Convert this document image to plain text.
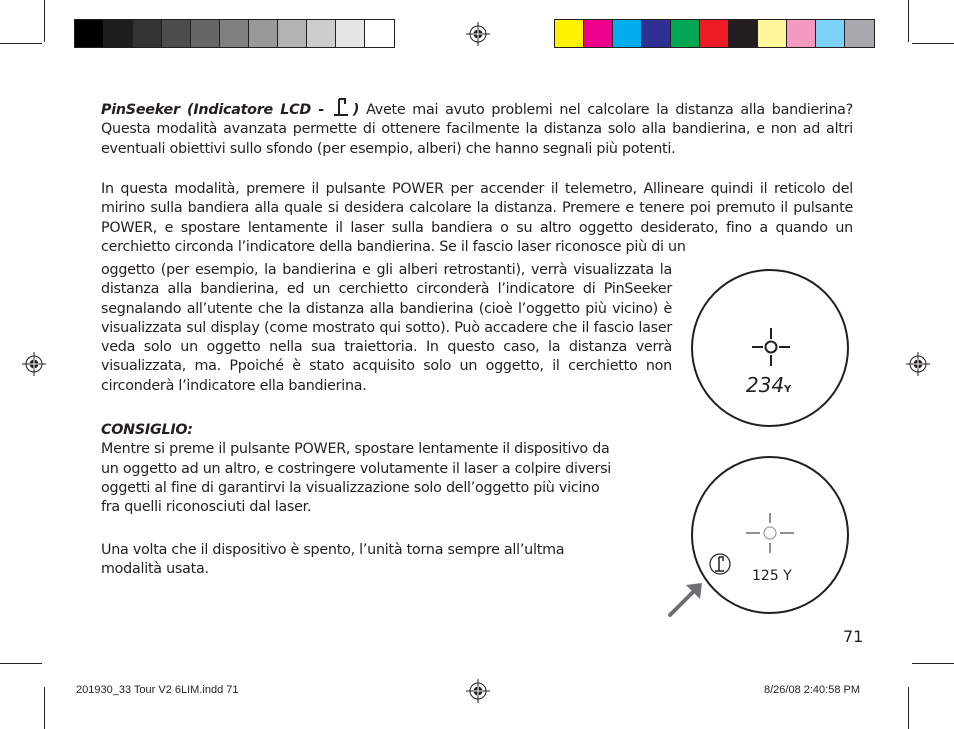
PinSeeker (Indicatore LCD - ) Avete mai avuto problemi nel calcolare la distanza alla bandierina? Questa modalità avanzata permette di ottenere facilmente la distanza solo alla bandierina, e non ad altri eventuali obiettivi sullo sfondo (per esempio, alberi) che hanno segnali più potenti.
In questa modalità, premere il pulsante POWER per accender il telemetro, Allineare quindi il reticolo del mirino sulla bandiera alla quale si desidera calcolare la distanza. Premere e tenere poi premuto il pulsante POWER, e spostare lentamente il laser sulla bandiera o su altro oggetto desiderato, fino a quando un cerchietto circonda l’indicatore della bandierina. Se il fascio laser riconosce più di un
oggetto (per esempio, la bandierina e gli alberi retrostanti), verrà visualizzata la distanza alla bandierina, ed un cerchietto circonderà l’indicatore di PinSeeker segnalando all’utente che la distanza alla bandierina (cioè l’oggetto più vicino) è visualizzata sul display (come mostrato qui sotto). Può accadere che il fascio laser veda solo un oggetto nella sua traiettoria. In questo caso, la distanza verrà visualizzata, ma. Ppoiché è stato acquisito solo un oggetto, il cerchietto non circonderà l’indicatore ella bandierina.
CONSIGLIO:
Mentre si preme il pulsante POWER, spostare lentamente il dispositivo da
un oggetto ad un altro, e costringere volutamente il laser a colpire diversi
oggetti al fine di garantirvi la visualizzazione solo dell’oggetto più vicino
fra quelli riconosciuti dal laser.
Una volta che il dispositivo è spento, l’unità torna sempre all’ultma
modalità usata.
234 Y
125 Y
71
201930_33 Tour V2 6LIM.indd 71	8/26/08 2:40:58 PM
